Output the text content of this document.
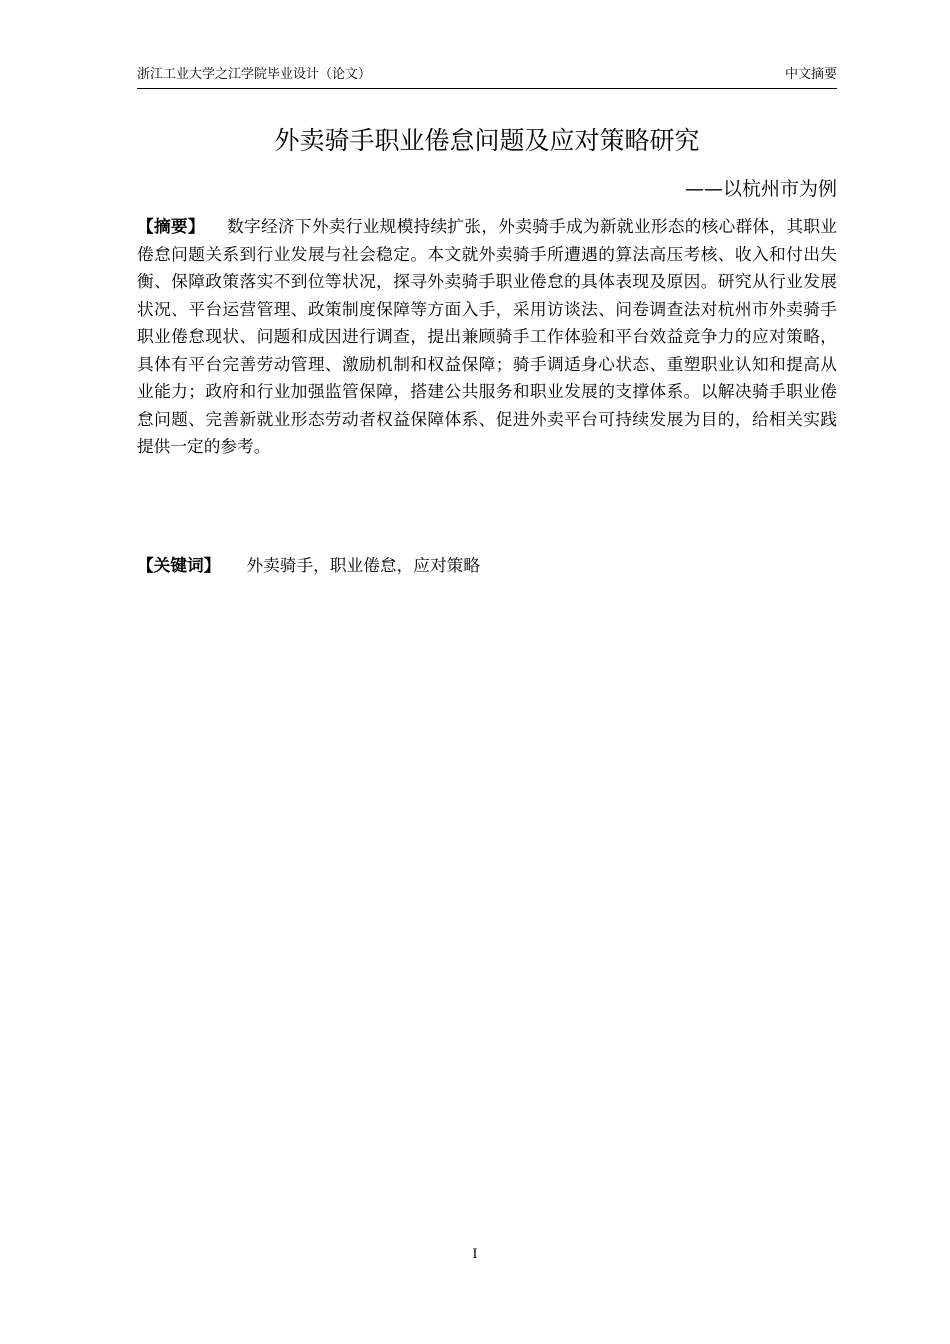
浙江工业大学之江学院毕业设计（论文）	中文摘要
外卖骑手职业倦怠问题及应对策略研究
——以杭州市为例
【摘要】 数字经济下外卖行业规模持续扩张，外卖骑手成为新就业形态的核心群体，其职业倦怠问题关系到行业发展与社会稳定。本文就外卖骑手所遭遇的算法高压考核、收入和付出失衡、保障政策落实不到位等状况，探寻外卖骑手职业倦怠的具体表现及原因。研究从行业发展状况、平台运营管理、政策制度保障等方面入手，采用访谈法、问卷调查法对杭州市外卖骑手职业倦怠现状、问题和成因进行调查，提出兼顾骑手工作体验和平台效益竞争力的应对策略，具体有平台完善劳动管理、激励机制和权益保障；骑手调适身心状态、重塑职业认知和提高从业能力；政府和行业加强监管保障，搭建公共服务和职业发展的支撑体系。以解决骑手职业倦怠问题、完善新就业形态劳动者权益保障体系、促进外卖平台可持续发展为目的，给相关实践提供一定的参考。
【关键词】 外卖骑手，职业倦怠，应对策略
I
